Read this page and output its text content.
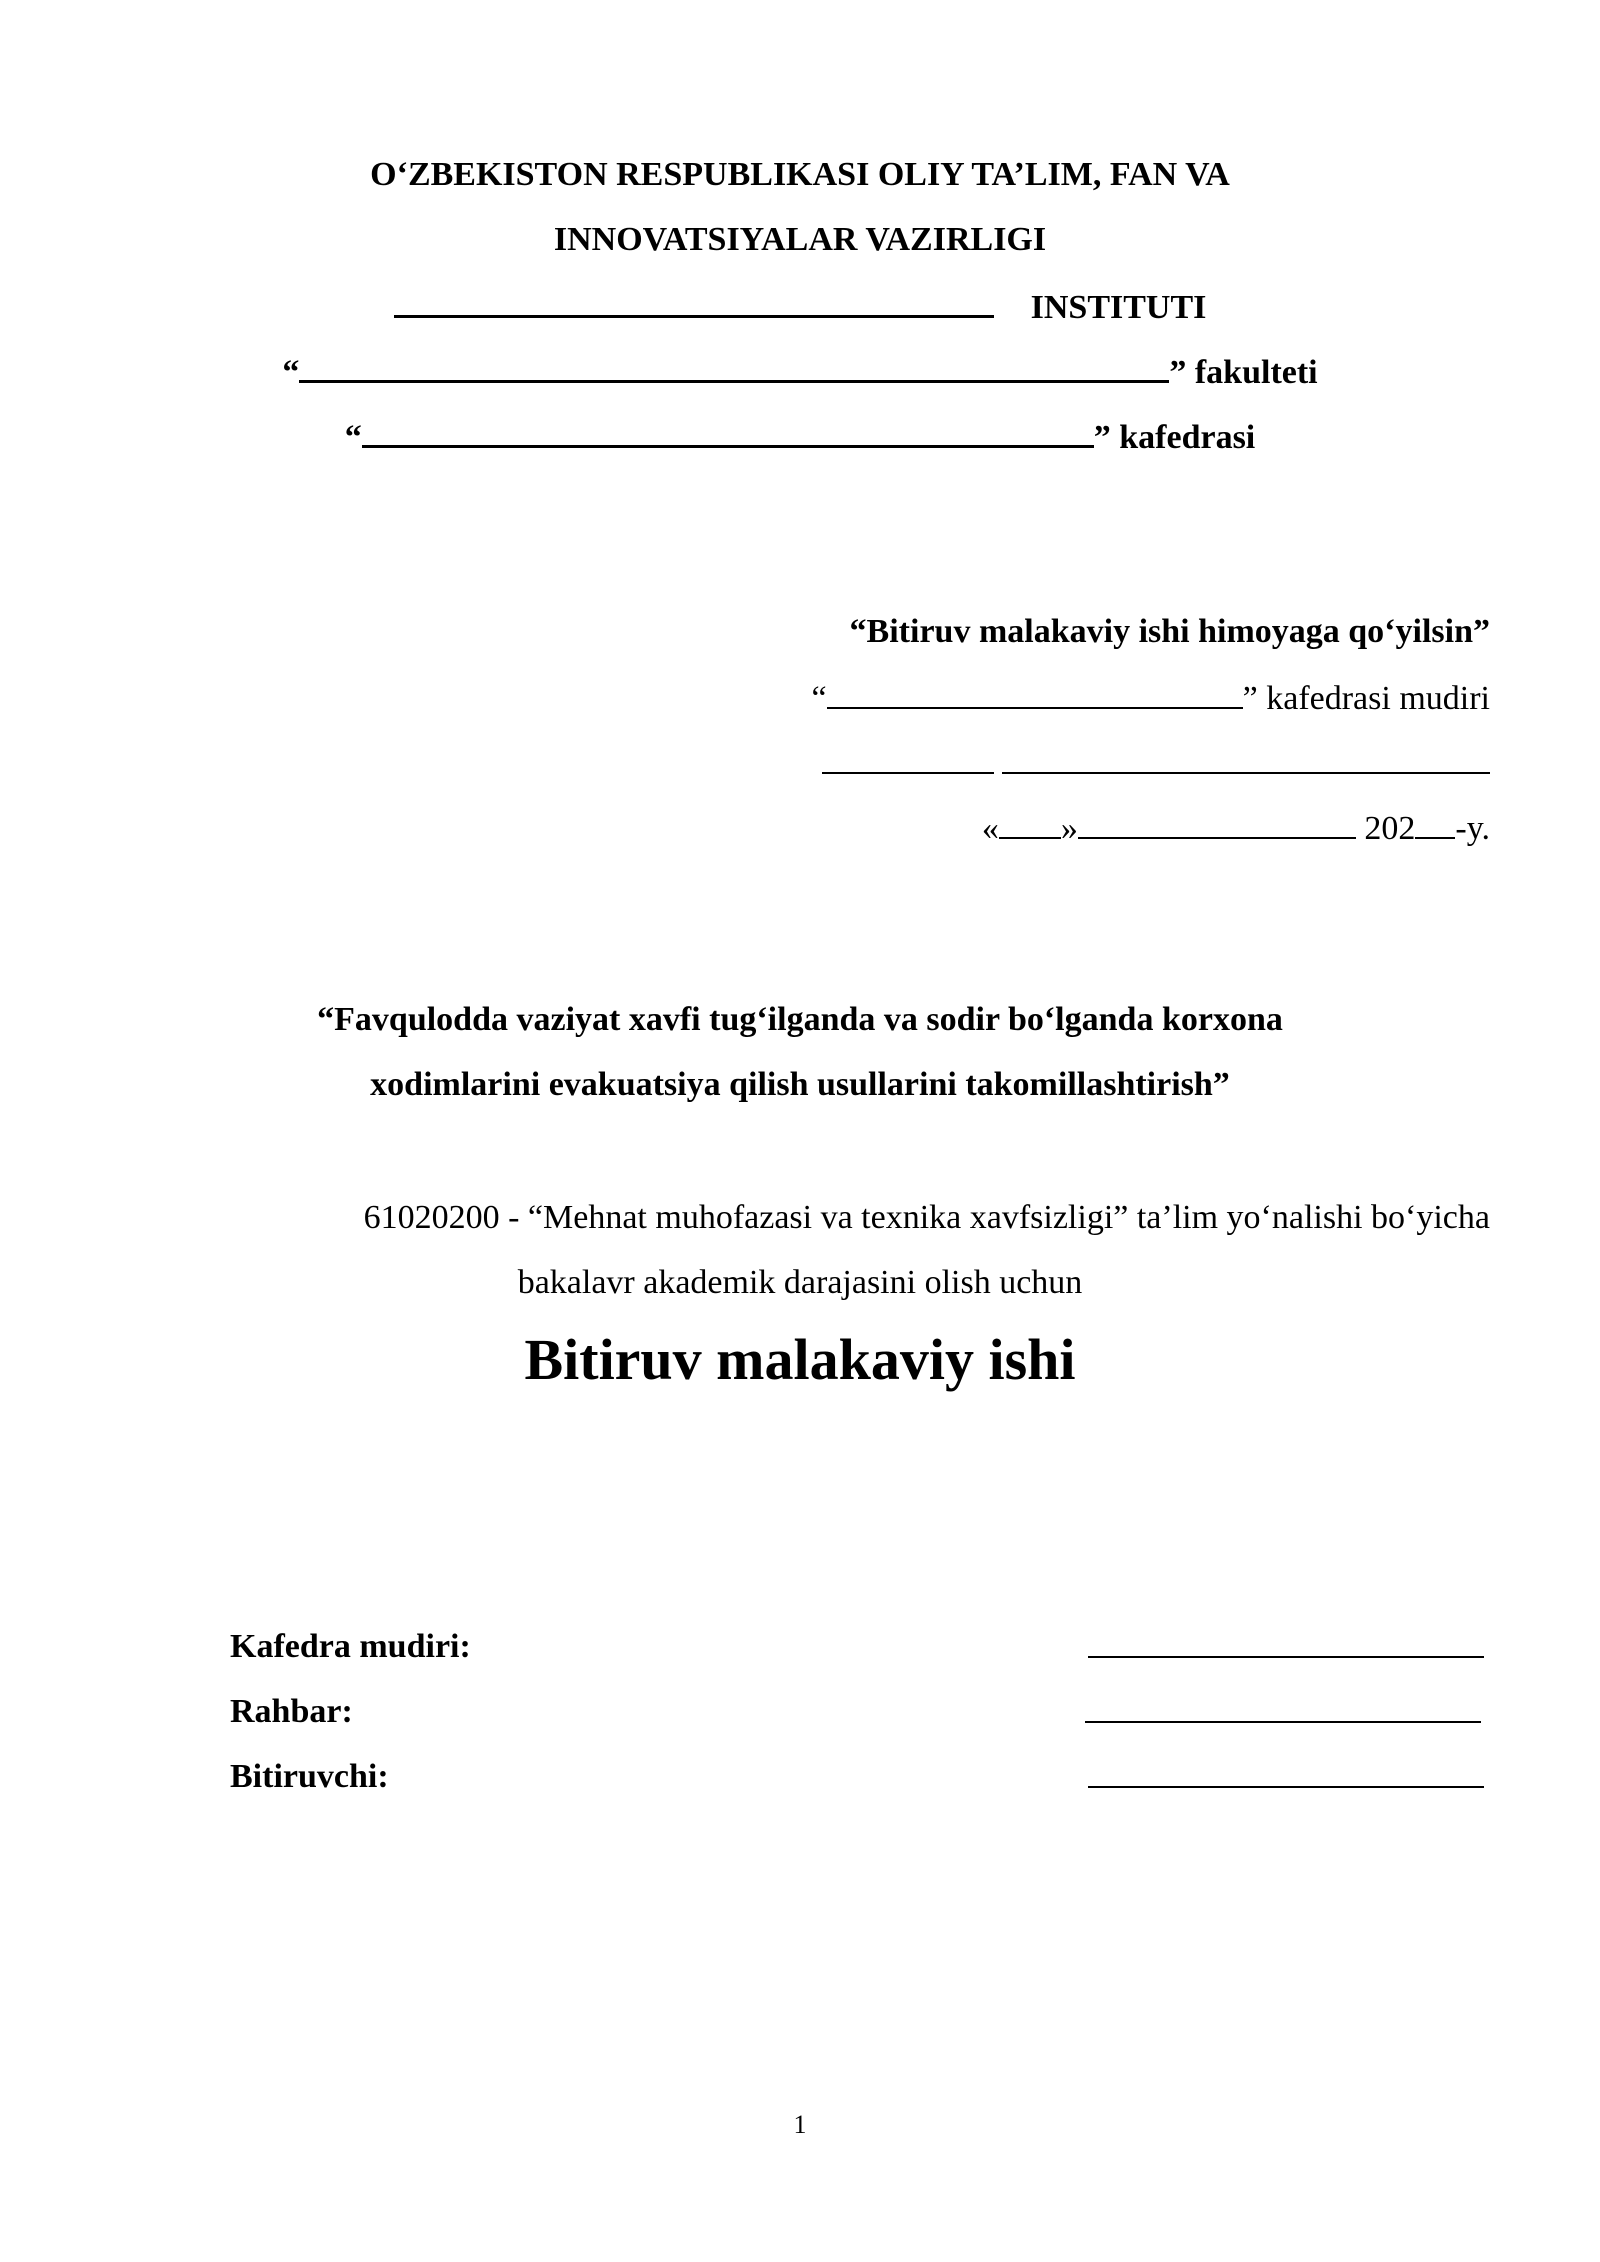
O‘ZBEKISTON RESPUBLIKASI OLIY TA’LIM, FAN VA
INNOVATSIYALAR VAZIRLIGI
INSTITUTI
“	” fakulteti
“	” kafedrasi
“Bitiruv malakaviy ishi himoyaga qo‘yilsin”
“	” kafedrasi mudiri
« »	202 -y.
“Favqulodda vaziyat xavfi tug‘ilganda va sodir bo‘lganda korxona
xodimlarini evakuatsiya qilish usullarini takomillashtirish”
61020200 - “Mehnat muhofazasi va texnika xavfsizligi” ta’lim yo‘nalishi bo‘yicha
bakalavr akademik darajasini olish uchun
Bitiruv malakaviy ishi
Kafedra mudiri:
Rahbar:
Bitiruvchi:
1
